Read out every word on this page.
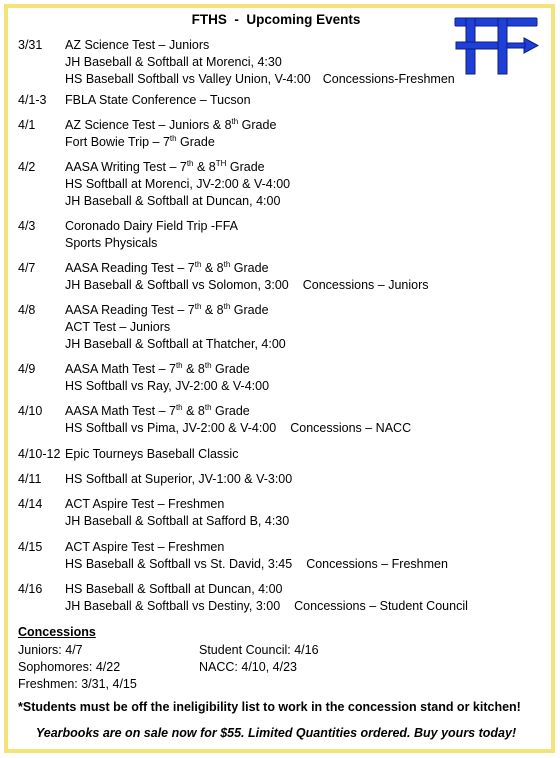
FTHS  -  Upcoming Events
3/31 AZ Science Test – Juniors
JH Baseball & Softball at Morenci, 4:30
HS Baseball Softball vs Valley Union, V-4:00 Concessions-Freshmen
4/1-3 FBLA State Conference – Tucson
4/1 AZ Science Test – Juniors & 8th Grade
Fort Bowie Trip – 7th Grade
4/2 AASA Writing Test – 7th & 8TH Grade
HS Softball at Morenci, JV-2:00 & V-4:00
JH Baseball & Softball at Duncan, 4:00
4/3 Coronado Dairy Field Trip -FFA
Sports Physicals
4/7 AASA Reading Test – 7th & 8th Grade
JH Baseball & Softball vs Solomon, 3:00 Concessions – Juniors
4/8 AASA Reading Test – 7th & 8th Grade
ACT Test – Juniors
JH Baseball & Softball at Thatcher, 4:00
4/9 AASA Math Test – 7th & 8th Grade
HS Softball vs Ray, JV-2:00 & V-4:00
4/10 AASA Math Test – 7th & 8th Grade
HS Softball vs Pima, JV-2:00 & V-4:00 Concessions – NACC
4/10-12 Epic Tourneys Baseball Classic
4/11 HS Softball at Superior, JV-1:00 & V-3:00
4/14 ACT Aspire Test – Freshmen
JH Baseball & Softball at Safford B, 4:30
4/15 ACT Aspire Test – Freshmen
HS Baseball & Softball vs St. David, 3:45 Concessions – Freshmen
4/16 HS Baseball & Softball at Duncan, 4:00
JH Baseball & Softball vs Destiny, 3:00 Concessions – Student Council
Concessions
Juniors: 4/7	Student Council: 4/16
Sophomores: 4/22	NACC: 4/10, 4/23
Freshmen: 3/31, 4/15
*Students must be off the ineligibility list to work in the concession stand or kitchen!
Yearbooks are on sale now for $55. Limited Quantities ordered. Buy yours today!
